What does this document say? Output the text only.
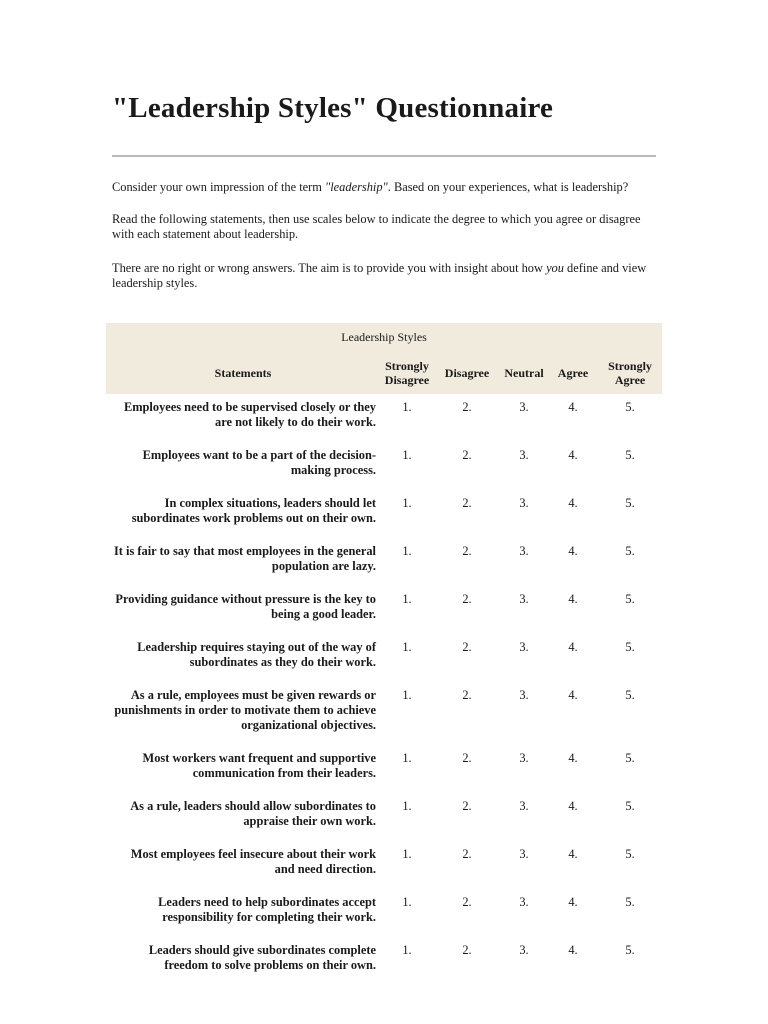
"Leadership Styles" Questionnaire

Consider your own impression of the term "leadership". Based on your experiences, what is leadership?

Read the following statements, then use scales below to indicate the degree to which you agree or disagree with each statement about leadership.

There are no right or wrong answers. The aim is to provide you with insight about how you define and view leadership styles.

Leadership Styles					
Statements	Strongly Disagree	Disagree	Neutral	Agree	Strongly Agree
Employees need to be supervised closely or they are not likely to do their work.	1.	2.	3.	4.	5.
Employees want to be a part of the decision-making process.	1.	2.	3.	4.	5.
In complex situations, leaders should let subordinates work problems out on their own.	1.	2.	3.	4.	5.
It is fair to say that most employees in the general population are lazy.	1.	2.	3.	4.	5.
Providing guidance without pressure is the key to being a good leader.	1.	2.	3.	4.	5.
Leadership requires staying out of the way of subordinates as they do their work.	1.	2.	3.	4.	5.
As a rule, employees must be given rewards or punishments in order to motivate them to achieve organizational objectives.	1.	2.	3.	4.	5.
Most workers want frequent and supportive communication from their leaders.	1.	2.	3.	4.	5.
As a rule, leaders should allow subordinates to appraise their own work.	1.	2.	3.	4.	5.
Most employees feel insecure about their work and need direction.	1.	2.	3.	4.	5.
Leaders need to help subordinates accept responsibility for completing their work.	1.	2.	3.	4.	5.
Leaders should give subordinates complete freedom to solve problems on their own.	1.	2.	3.	4.	5.
